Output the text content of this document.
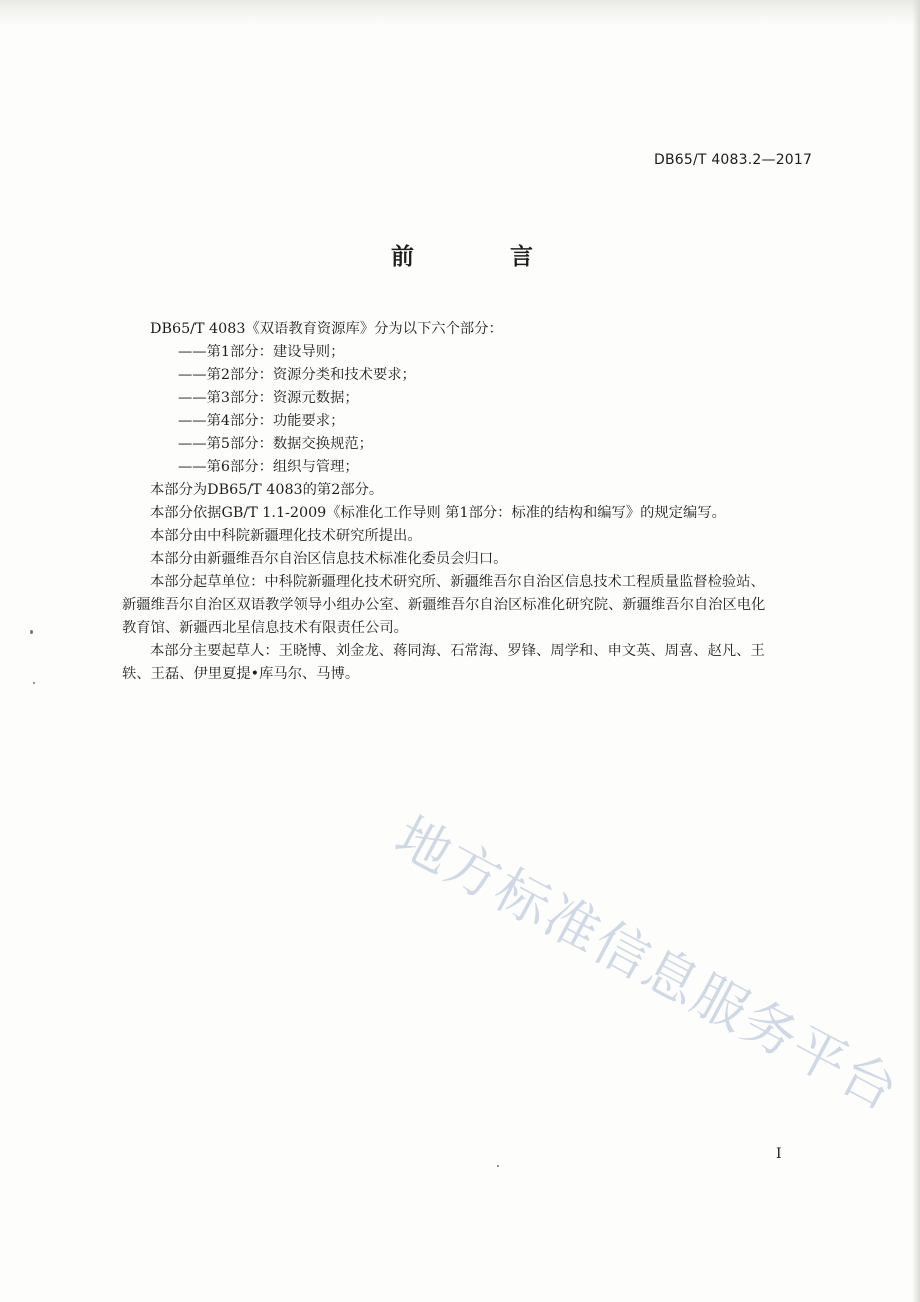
DB65/T 4083.2—2017
前	言
DB65/T 4083《双语教育资源库》分为以下六个部分：
——第1部分：建设导则；
——第2部分：资源分类和技术要求；
——第3部分：资源元数据；
——第4部分：功能要求；
——第5部分：数据交换规范；
——第6部分：组织与管理；
本部分为DB65/T 4083的第2部分。
本部分依据GB/T 1.1-2009《标准化工作导则 第1部分：标准的结构和编写》的规定编写。
本部分由中科院新疆理化技术研究所提出。
本部分由新疆维吾尔自治区信息技术标准化委员会归口。
本部分起草单位：中科院新疆理化技术研究所、新疆维吾尔自治区信息技术工程质量监督检验站、
新疆维吾尔自治区双语教学领导小组办公室、新疆维吾尔自治区标准化研究院、新疆维吾尔自治区电化
教育馆、新疆西北星信息技术有限责任公司。
本部分主要起草人：王晓博、刘金龙、蒋同海、石常海、罗锋、周学和、申文英、周喜、赵凡、王
轶、王磊、伊里夏提•库马尔、马博。
地方标准信息服务平台
I
